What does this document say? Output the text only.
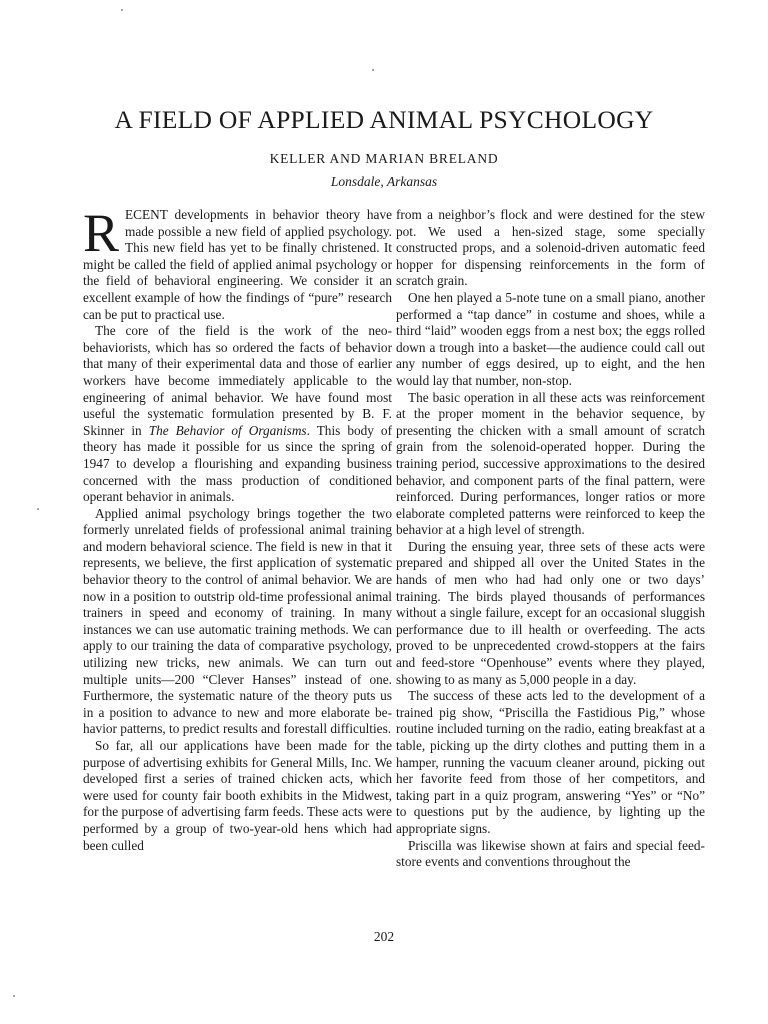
A FIELD OF APPLIED ANIMAL PSYCHOLOGY
KELLER AND MARIAN BRELAND
Lonsdale, Arkansas

RECENT developments in behavior theory have made possible a new field of applied psychology. This new field has yet to be finally christened. It might be called the field of applied animal psychology or the field of behavioral engineering. We consider it an excellent example of how the findings of “pure” research can be put to practical use.

The core of the field is the work of the neo-behaviorists, which has so ordered the facts of behavior that many of their experimental data and those of earlier workers have become immediately applicable to the engineering of animal behavior. We have found most useful the systematic formulation presented by B. F. Skinner in The Behavior of Organisms. This body of theory has made it possible for us since the spring of 1947 to develop a flourishing and expanding business concerned with the mass production of conditioned operant behavior in animals.

Applied animal psychology brings together the two formerly unrelated fields of professional animal training and modern behavioral science. The field is new in that it represents, we believe, the first application of systematic behavior theory to the control of animal behavior. We are now in a position to outstrip old-time professional animal trainers in speed and economy of training. In many instances we can use automatic training methods. We can apply to our training the data of comparative psychology, utilizing new tricks, new animals. We can turn out multiple units—200 “Clever Hanses” instead of one. Furthermore, the systematic nature of the theory puts us in a position to advance to new and more elaborate behavior patterns, to predict results and forestall difficulties.

So far, all our applications have been made for the purpose of advertising exhibits for General Mills, Inc. We developed first a series of trained chicken acts, which were used for county fair booth exhibits in the Midwest, for the purpose of advertising farm feeds. These acts were performed by a group of two-year-old hens which had been culled

from a neighbor’s flock and were destined for the stew pot. We used a hen-sized stage, some specially constructed props, and a solenoid-driven automatic feed hopper for dispensing reinforcements in the form of scratch grain.

One hen played a 5-note tune on a small piano, another performed a “tap dance” in costume and shoes, while a third “laid” wooden eggs from a nest box; the eggs rolled down a trough into a basket—the audience could call out any number of eggs desired, up to eight, and the hen would lay that number, non-stop.

The basic operation in all these acts was reinforcement at the proper moment in the behavior sequence, by presenting the chicken with a small amount of scratch grain from the solenoid-operated hopper. During the training period, successive approximations to the desired behavior, and component parts of the final pattern, were reinforced. During performances, longer ratios or more elaborate completed patterns were reinforced to keep the behavior at a high level of strength.

During the ensuing year, three sets of these acts were prepared and shipped all over the United States in the hands of men who had had only one or two days’ training. The birds played thousands of performances without a single failure, except for an occasional sluggish performance due to ill health or overfeeding. The acts proved to be unprecedented crowd-stoppers at the fairs and feed-store “Openhouse” events where they played, showing to as many as 5,000 people in a day.

The success of these acts led to the development of a trained pig show, “Priscilla the Fastidious Pig,” whose routine included turning on the radio, eating breakfast at a table, picking up the dirty clothes and putting them in a hamper, running the vacuum cleaner around, picking out her favorite feed from those of her competitors, and taking part in a quiz program, answering “Yes” or “No” to questions put by the audience, by lighting up the appropriate signs.

Priscilla was likewise shown at fairs and special feed-store events and conventions throughout the

202
